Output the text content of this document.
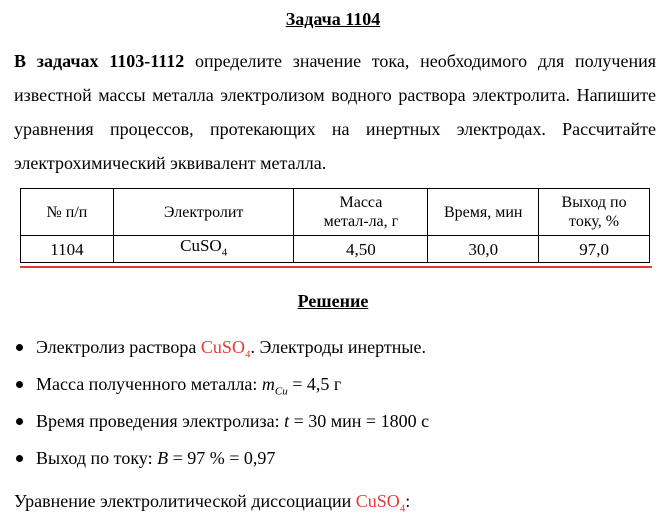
Задача 1104
В задачах 1103-1112 определите значение тока, необходимого для получения известной массы металла электролизом водного раствора электролита. Напишите уравнения процессов, протекающих на инертных электродах. Рассчитайте электрохимический эквивалент металла.
№ п/п	Электролит	Масса метал-ла, г	Время, мин	Выход по току, %
1104	CuSO$_4$	4,50	30,0	97,0
Решение
Электролиз раствора CuSO$_4$. Электроды инертные.
Масса полученного металла: $m_{Cu} = 4,5$ г
Время проведения электролиза: t = 30 мин = 1800 с
Выход по току: B = 97 % = 0,97
Уравнение электролитической диссоциации CuSO$_4$:
